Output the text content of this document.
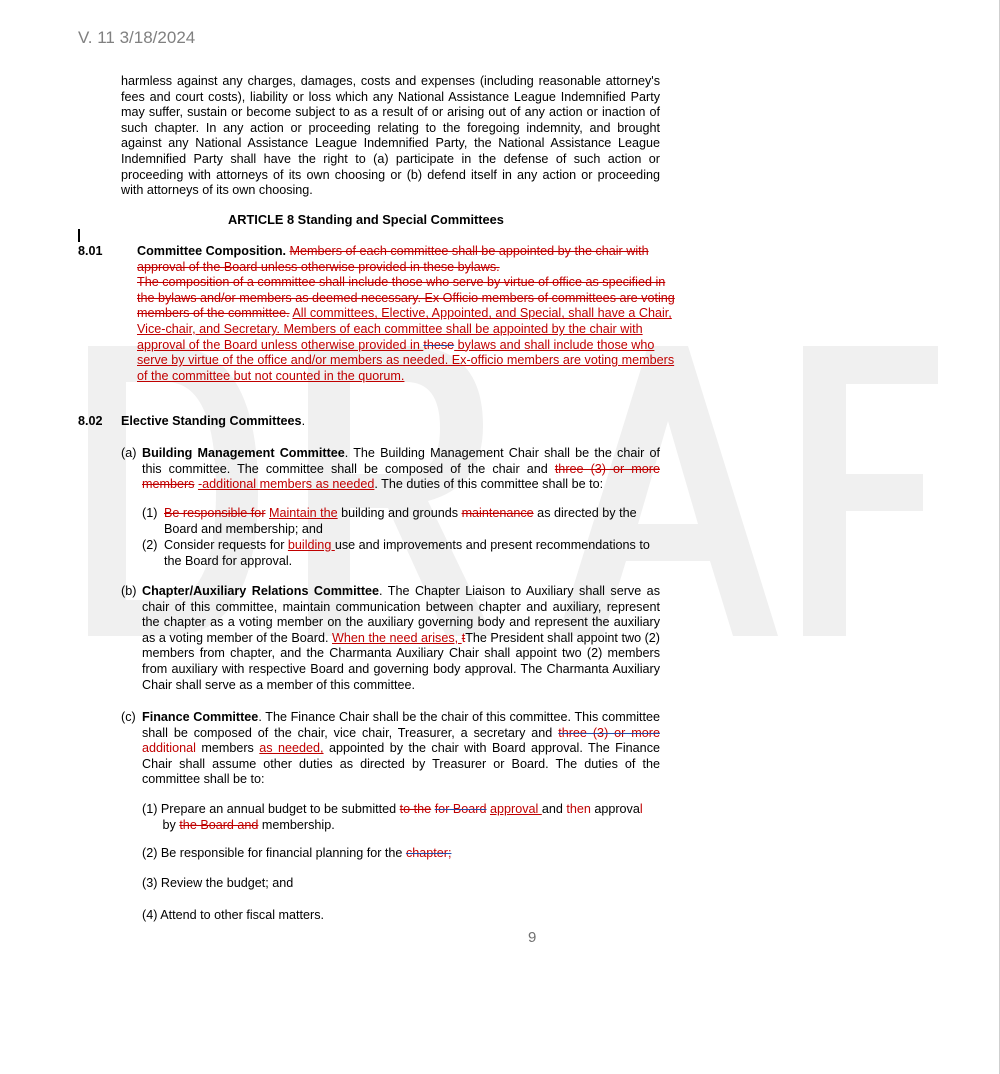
V. 11 3/18/2024
harmless against any charges, damages, costs and expenses (including reasonable attorney's fees and court costs), liability or loss which any National Assistance League Indemnified Party may suffer, sustain or become subject to as a result of or arising out of any action or inaction of such chapter. In any action or proceeding relating to the foregoing indemnity, and brought against any National Assistance League Indemnified Party, the National Assistance League Indemnified Party shall have the right to (a) participate in the defense of such action or proceeding with attorneys of its own choosing or (b) defend itself in any action or proceeding with attorneys of its own choosing.
ARTICLE 8 Standing and Special Committees
8.01	Committee Composition. Members of each committee shall be appointed by the chair with approval of the Board unless otherwise provided in these bylaws.
The composition of a committee shall include those who serve by virtue of office as specified in the bylaws and/or members as deemed necessary. Ex Officio members of committees are voting members of the committee. All committees, Elective, Appointed, and Special, shall have a Chair, Vice-chair, and Secretary. Members of each committee shall be appointed by the chair with approval of the Board unless otherwise provided in these bylaws and shall include those who serve by virtue of the office and/or members as needed. Ex-officio members are voting members of the committee but not counted in the quorum.
8.02 Elective Standing Committees.
(a) Building Management Committee. The Building Management Chair shall be the chair of this committee. The committee shall be composed of the chair and three (3) or more members -additional members as needed. The duties of this committee shall be to:
(1) Be responsible for Maintain the building and grounds maintenance as directed by the Board and membership; and
(2) Consider requests for building use and improvements and present recommendations to the Board for approval.
(b) Chapter/Auxiliary Relations Committee. The Chapter Liaison to Auxiliary shall serve as chair of this committee, maintain communication between chapter and auxiliary, represent the chapter as a voting member on the auxiliary governing body and represent the auxiliary as a voting member of the Board. When the need arises, tThe President shall appoint two (2) members from chapter, and the Charmanta Auxiliary Chair shall appoint two (2) members from auxiliary with respective Board and governing body approval. The Charmanta Auxiliary Chair shall serve as a member of this committee.
(c) Finance Committee. The Finance Chair shall be the chair of this committee. This committee shall be composed of the chair, vice chair, Treasurer, a secretary and three (3) or more additional members as needed, appointed by the chair with Board approval. The Finance Chair shall assume other duties as directed by Treasurer or Board. The duties of the committee shall be to:
(1) Prepare an annual budget to be submitted to the for Board approval and then approval
by the Board and membership.
(2) Be responsible for financial planning for the chapter;
(3) Review the budget; and
(4) Attend to other fiscal matters.
9
